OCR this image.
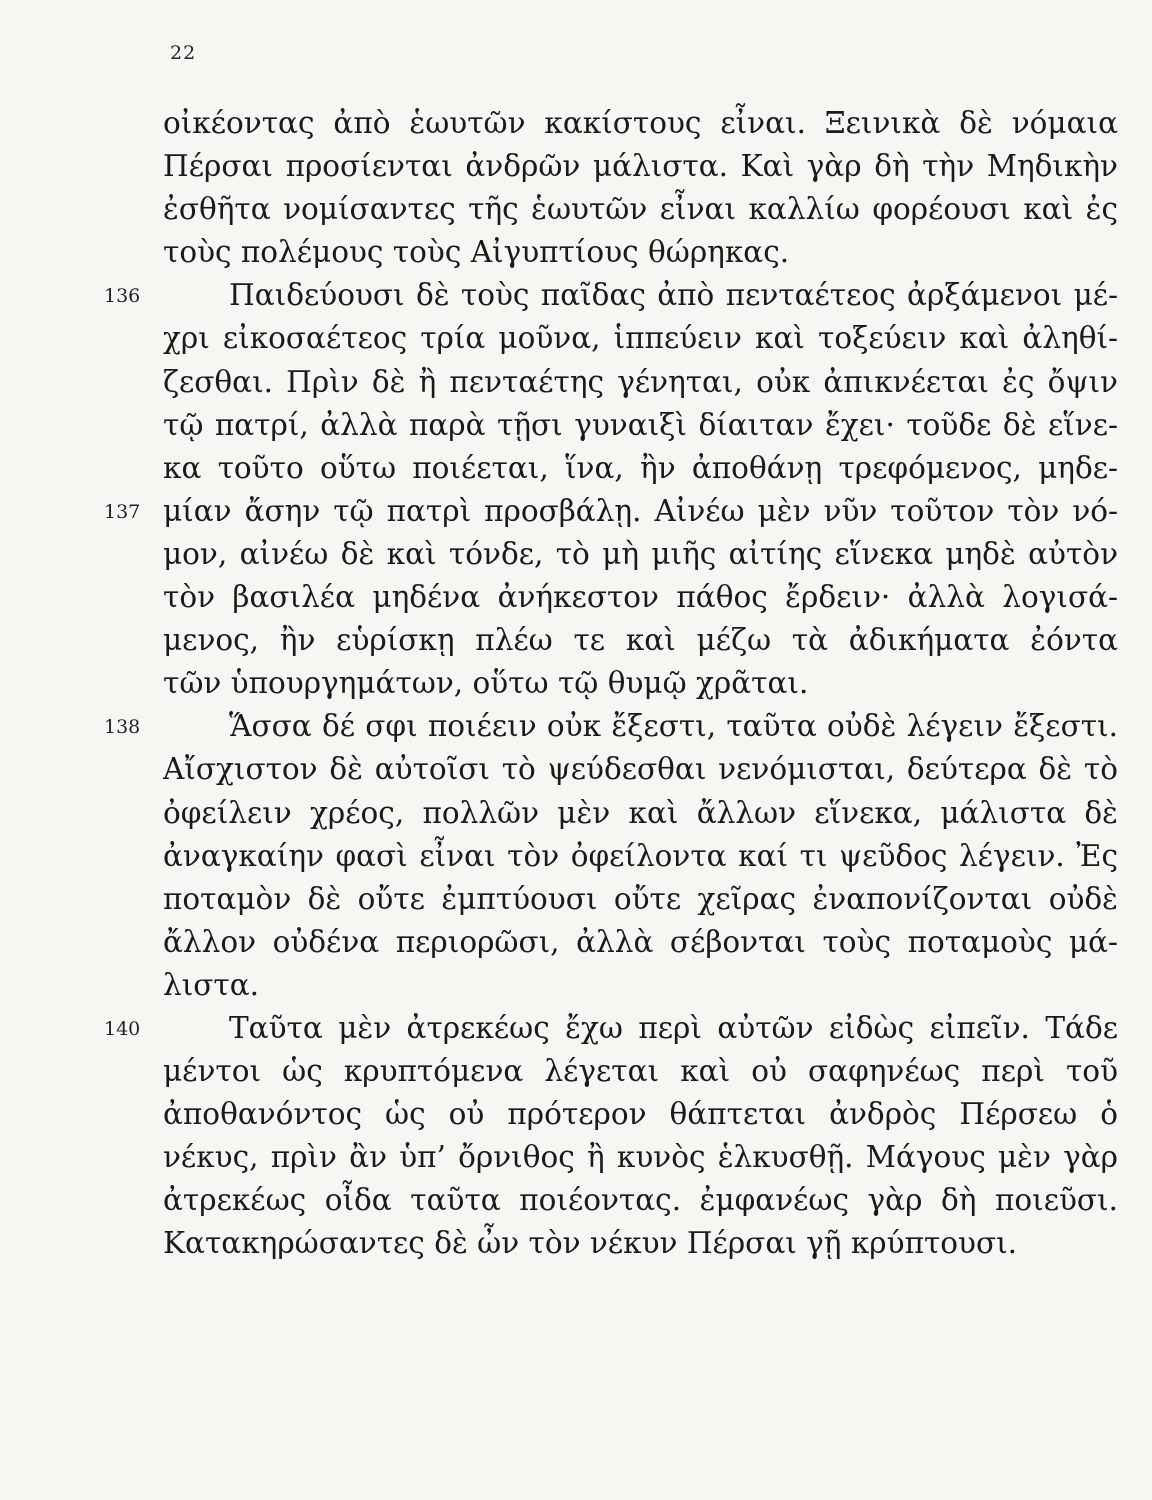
22
οἰκέοντας ἀπὸ ἑωυτῶν κακίστους εἶναι. Ξεινικὰ δὲ νόμαια
Πέρσαι προσίενται ἀνδρῶν μάλιστα. Καὶ γὰρ δὴ τὴν Μηδικὴν
ἐσθῆτα νομίσαντες τῆς ἑωυτῶν εἶναι καλλίω φορέουσι καὶ ἐς
τοὺς πολέμους τοὺς Αἰγυπτίους θώρηκας.
136	Παιδεύουσι δὲ τοὺς παῖδας ἀπὸ πενταέτεος ἀρξάμενοι μέ-
χρι εἰκοσαέτεος τρία μοῦνα, ἱππεύειν καὶ τοξεύειν καὶ ἀληθί-
ζεσθαι. Πρὶν δὲ ἢ πενταέτης γένηται, οὐκ ἀπικνέεται ἐς ὄψιν
τῷ πατρί, ἀλλὰ παρὰ τῇσι γυναιξὶ δίαιταν ἔχει· τοῦδε δὲ εἵνε-
κα τοῦτο οὕτω ποιέεται, ἵνα, ἢν ἀποθάνῃ τρεφόμενος, μηδε-
137 μίαν ἄσην τῷ πατρὶ προσβάλῃ. Αἰνέω μὲν νῦν τοῦτον τὸν νό-
μον, αἰνέω δὲ καὶ τόνδε, τὸ μὴ μιῆς αἰτίης εἵνεκα μηδὲ αὐτὸν
τὸν βασιλέα μηδένα ἀνήκεστον πάθος ἔρδειν· ἀλλὰ λογισά-
μενος, ἢν εὑρίσκῃ πλέω τε καὶ μέζω τὰ ἀδικήματα ἐόντα
τῶν ὑπουργημάτων, οὕτω τῷ θυμῷ χρᾶται.
138	Ἅσσα δέ σφι ποιέειν οὐκ ἔξεστι, ταῦτα οὐδὲ λέγειν ἔξεστι.
Αἴσχιστον δὲ αὐτοῖσι τὸ ψεύδεσθαι νενόμισται, δεύτερα δὲ τὸ
ὀφείλειν χρέος, πολλῶν μὲν καὶ ἄλλων εἵνεκα, μάλιστα δὲ
ἀναγκαίην φασὶ εἶναι τὸν ὀφείλοντα καί τι ψεῦδος λέγειν. Ἐς
ποταμὸν δὲ οὔτε ἐμπτύουσι οὔτε χεῖρας ἐναπονίζονται οὐδὲ
ἄλλον οὐδένα περιορῶσι, ἀλλὰ σέβονται τοὺς ποταμοὺς μά-
λιστα.
140	Ταῦτα μὲν ἀτρεκέως ἔχω περὶ αὐτῶν εἰδὼς εἰπεῖν. Τάδε
μέντοι ὡς κρυπτόμενα λέγεται καὶ οὐ σαφηνέως περὶ τοῦ
ἀποθανόντος ὡς οὐ πρότερον θάπτεται ἀνδρὸς Πέρσεω ὁ
νέκυς, πρὶν ἂν ὑπ’ ὄρνιθος ἢ κυνὸς ἑλκυσθῇ. Μάγους μὲν γὰρ
ἀτρεκέως οἶδα ταῦτα ποιέοντας. ἐμφανέως γὰρ δὴ ποιεῦσι.
Κατακηρώσαντες δὲ ὦν τὸν νέκυν Πέρσαι γῇ κρύπτουσι.
